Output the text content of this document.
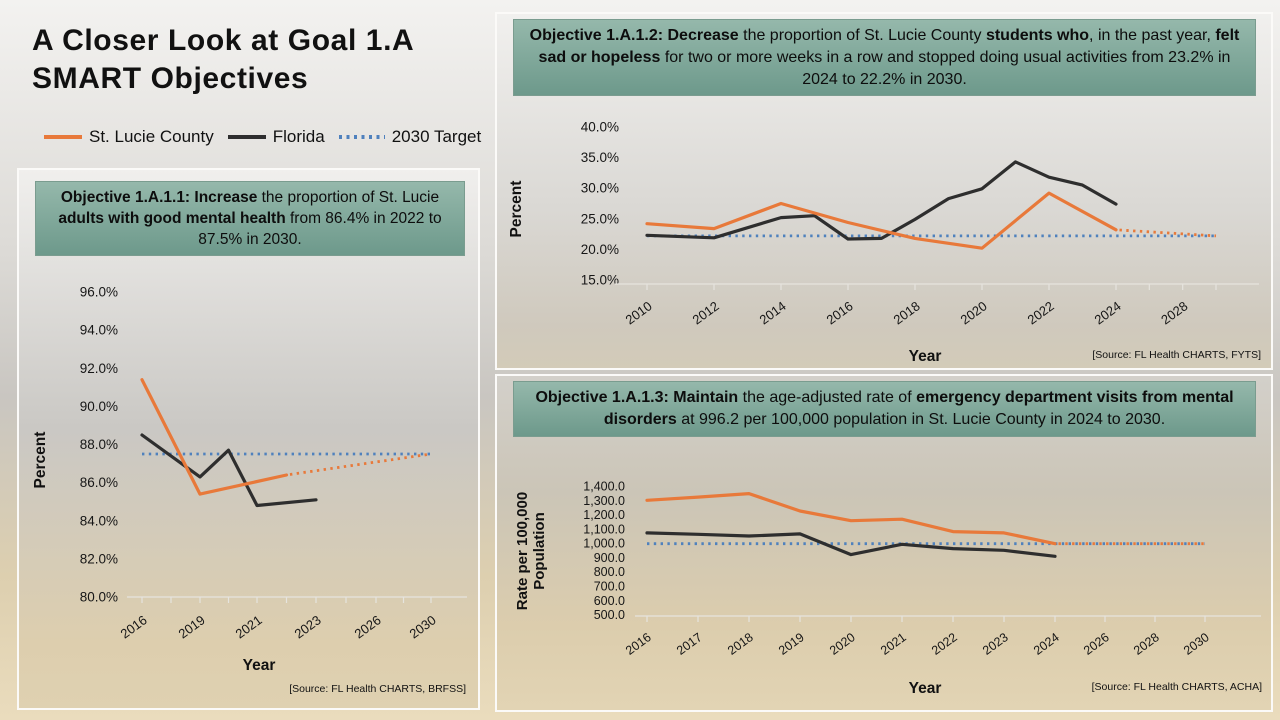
A Closer Look at Goal 1.A SMART Objectives
St. Lucie County	Florida	2030 Target
Objective 1.A.1.1: Increase the proportion of St. Lucie adults with good mental health from 86.4% in 2022 to 87.5% in 2030.
96.0%
94.0%
92.0%
90.0%
88.0%
86.0%
84.0%
82.0%
80.0%
2016 2019 2021 2023 2026 2030
Percent
Year
[Source: FL Health CHARTS, BRFSS]
Objective 1.A.1.2: Decrease the proportion of St. Lucie County students who, in the past year, felt sad or hopeless for two or more weeks in a row and stopped doing usual activities from 23.2% in 2024 to 22.2% in 2030.
40.0%
35.0%
30.0%
25.0%
20.0%
15.0%
2010	2012	2014	2016	2018	2020	2022	2024	2028
Percent
Year	[Source: FL Health CHARTS, FYTS]
Objective 1.A.1.3: Maintain the age-adjusted rate of emergency department visits from mental disorders at 996.2 per 100,000 population in St. Lucie County in 2024 to 2030.
1,400.0
1,300.0
1,200.0
1,100.0
1,000.0
900.0
800.0
700.0
600.0
500.0
2016 2017 2018 2019 2020 2021 2022 2023 2024 2026 2028 2030
Rate per 100,000 Population
Year	[Source: FL Health CHARTS, ACHA]
